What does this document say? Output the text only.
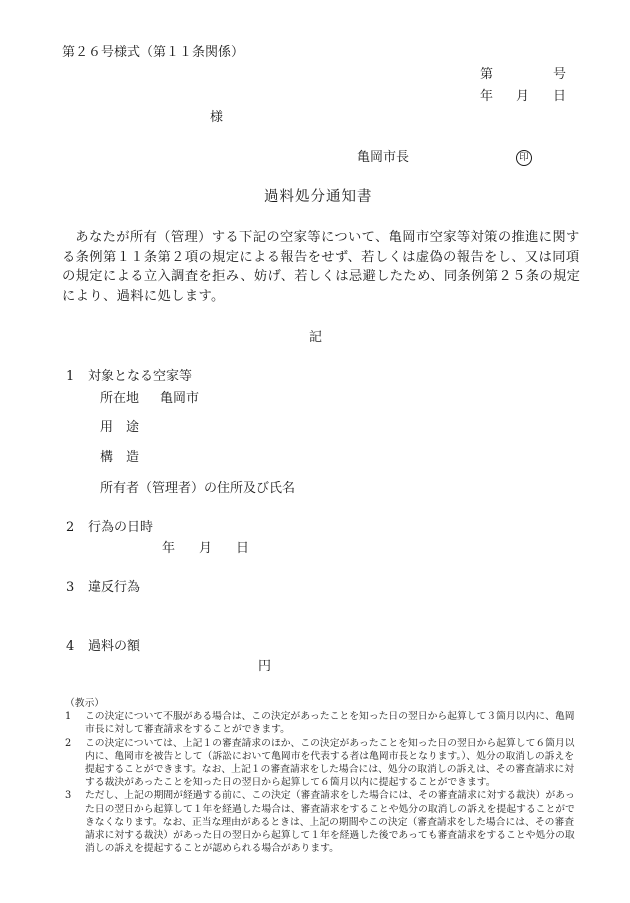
第２６号様式（第１１条関係）
第	号
年 月 日
様
亀岡市長	印
過料処分通知書

あなたが所有（管理）する下記の空家等について、亀岡市空家等対策の推進に関する条例第１１条第２項の規定による報告をせず、若しくは虚偽の報告をし、又は同項の規定による立入調査を拒み、妨げ、若しくは忌避したため、同条例第２５条の規定により、過料に処します。

記
1 対象となる空家等
所在地 亀岡市
用　途
構　造
所有者（管理者）の住所及び氏名
2 行為の日時
年 月 日
3 違反行為
4 過料の額
円

（教示）

1	この決定について不服がある場合は、この決定があったことを知った日の翌日から起算して３箇月以内に、亀岡市長に対して審査請求をすることができます。
2	この決定については、上記１の審査請求のほか、この決定があったことを知った日の翌日から起算して６箇月以内に、亀岡市を被告として（訴訟において亀岡市を代表する者は亀岡市長となります。）、処分の取消しの訴えを提起することができます。なお、上記１の審査請求をした場合には、処分の取消しの訴えは、その審査請求に対する裁決があったことを知った日の翌日から起算して６箇月以内に提起することができます。
3	ただし、上記の期間が経過する前に、この決定（審査請求をした場合には、その審査請求に対する裁決）があった日の翌日から起算して１年を経過した場合は、審査請求をすることや処分の取消しの訴えを提起することができなくなります。なお、正当な理由があるときは、上記の期間やこの決定（審査請求をした場合には、その審査請求に対する裁決）があった日の翌日から起算して１年を経過した後であっても審査請求をすることや処分の取消しの訴えを提起することが認められる場合があります。
